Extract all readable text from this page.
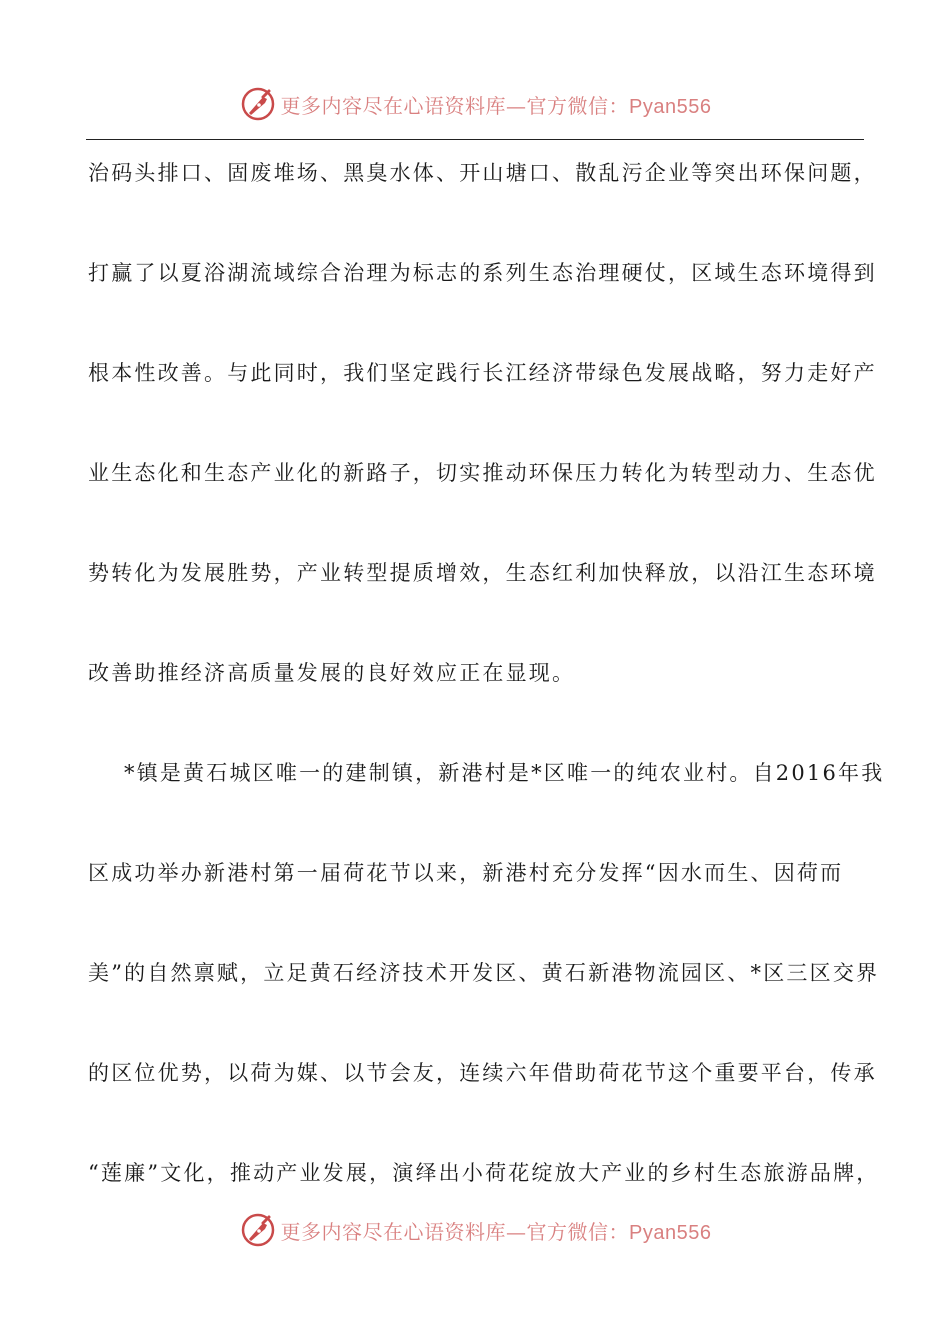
更多内容尽在心语资料库—官方微信：Pyan556
治码头排口、固废堆场、黑臭水体、开山塘口、散乱污企业等突出环保问题，
打赢了以夏浴湖流域综合治理为标志的系列生态治理硬仗，区域生态环境得到
根本性改善。与此同时，我们坚定践行长江经济带绿色发展战略，努力走好产
业生态化和生态产业化的新路子，切实推动环保压力转化为转型动力、生态优
势转化为发展胜势，产业转型提质增效，生态红利加快释放，以沿江生态环境
改善助推经济高质量发展的良好效应正在显现。
*镇是黄石城区唯一的建制镇，新港村是*区唯一的纯农业村。自2016年我
区成功举办新港村第一届荷花节以来，新港村充分发挥“因水而生、因荷而
美”的自然禀赋，立足黄石经济技术开发区、黄石新港物流园区、*区三区交界
的区位优势，以荷为媒、以节会友，连续六年借助荷花节这个重要平台，传承
“莲廉”文化，推动产业发展，演绎出小荷花绽放大产业的乡村生态旅游品牌，
更多内容尽在心语资料库—官方微信：Pyan556
